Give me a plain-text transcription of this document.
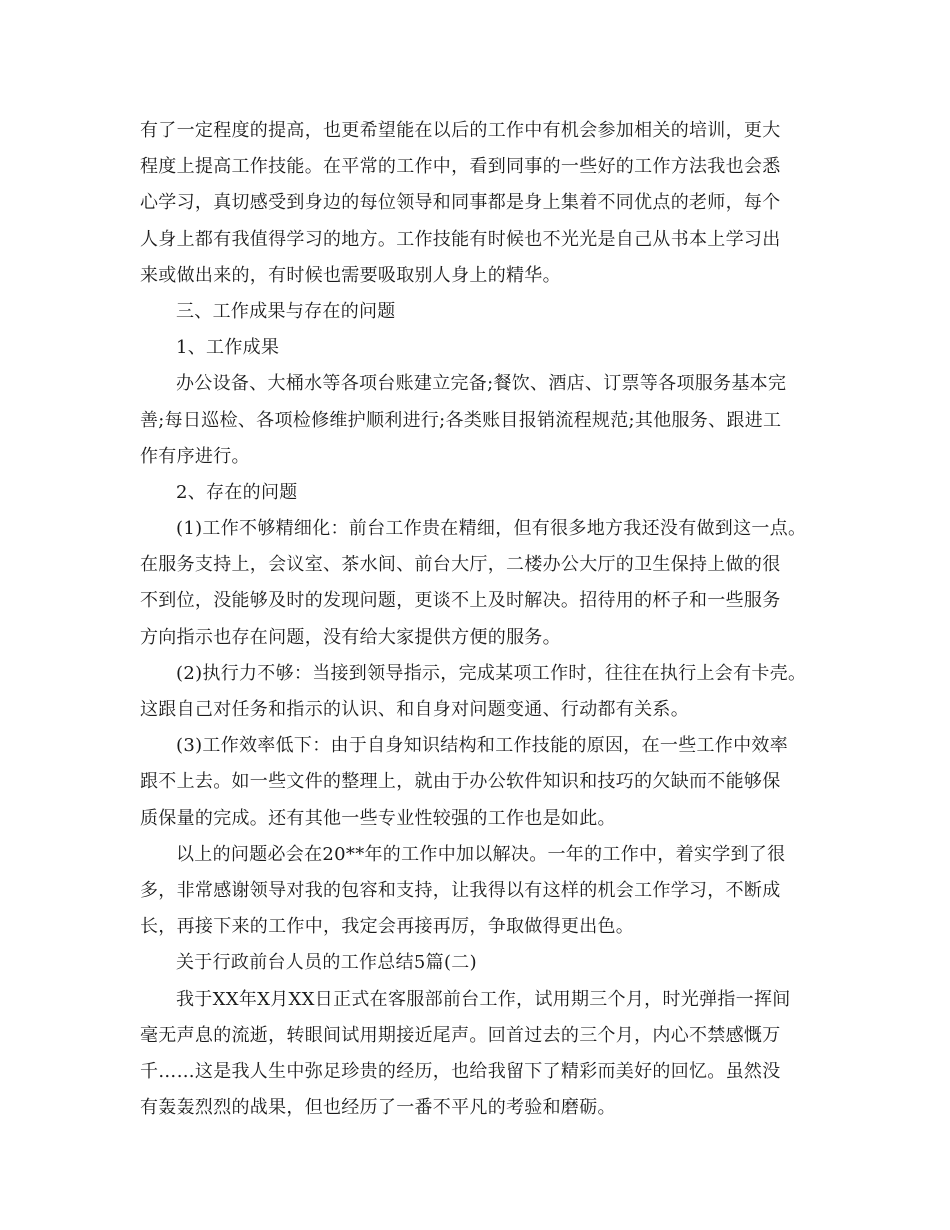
有了一定程度的提高，也更希望能在以后的工作中有机会参加相关的培训，更大
程度上提高工作技能。在平常的工作中，看到同事的一些好的工作方法我也会悉
心学习，真切感受到身边的每位领导和同事都是身上集着不同优点的老师，每个
人身上都有我值得学习的地方。工作技能有时候也不光光是自己从书本上学习出
来或做出来的，有时候也需要吸取别人身上的精华。
三、工作成果与存在的问题
1、工作成果
办公设备、大桶水等各项台账建立完备;餐饮、酒店、订票等各项服务基本完
善;每日巡检、各项检修维护顺利进行;各类账目报销流程规范;其他服务、跟进工
作有序进行。
2、存在的问题
(1)工作不够精细化：前台工作贵在精细，但有很多地方我还没有做到这一点。
在服务支持上，会议室、茶水间、前台大厅，二楼办公大厅的卫生保持上做的很
不到位，没能够及时的发现问题，更谈不上及时解决。招待用的杯子和一些服务
方向指示也存在问题，没有给大家提供方便的服务。
(2)执行力不够：当接到领导指示，完成某项工作时，往往在执行上会有卡壳。
这跟自己对任务和指示的认识、和自身对问题变通、行动都有关系。
(3)工作效率低下：由于自身知识结构和工作技能的原因，在一些工作中效率
跟不上去。如一些文件的整理上，就由于办公软件知识和技巧的欠缺而不能够保
质保量的完成。还有其他一些专业性较强的工作也是如此。
以上的问题必会在20**年的工作中加以解决。一年的工作中，着实学到了很
多，非常感谢领导对我的包容和支持，让我得以有这样的机会工作学习，不断成
长，再接下来的工作中，我定会再接再厉，争取做得更出色。
关于行政前台人员的工作总结5篇(二)
我于XX年X月XX日正式在客服部前台工作，试用期三个月，时光弹指一挥间
毫无声息的流逝，转眼间试用期接近尾声。回首过去的三个月，内心不禁感慨万
千……这是我人生中弥足珍贵的经历，也给我留下了精彩而美好的回忆。虽然没
有轰轰烈烈的战果，但也经历了一番不平凡的考验和磨砺。
